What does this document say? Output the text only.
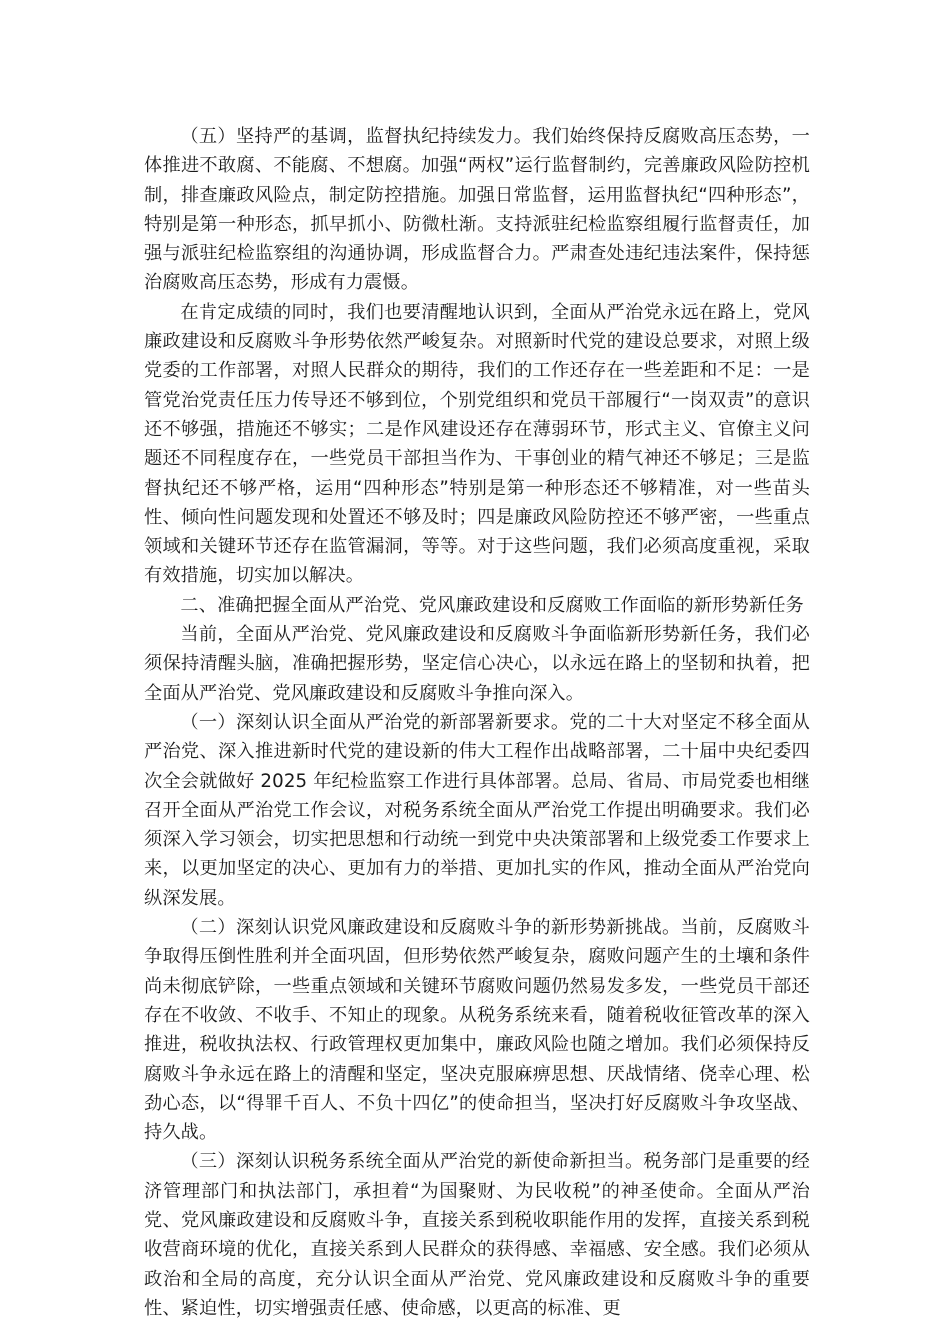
（五）坚持严的基调，监督执纪持续发力。我们始终保持反腐败高压态势，一体推进不敢腐、不能腐、不想腐。加强“两权”运行监督制约，完善廉政风险防控机制，排查廉政风险点，制定防控措施。加强日常监督，运用监督执纪“四种形态”，特别是第一种形态，抓早抓小、防微杜渐。支持派驻纪检监察组履行监督责任，加强与派驻纪检监察组的沟通协调，形成监督合力。严肃查处违纪违法案件，保持惩治腐败高压态势，形成有力震慑。

在肯定成绩的同时，我们也要清醒地认识到，全面从严治党永远在路上，党风廉政建设和反腐败斗争形势依然严峻复杂。对照新时代党的建设总要求，对照上级党委的工作部署，对照人民群众的期待，我们的工作还存在一些差距和不足：一是管党治党责任压力传导还不够到位，个别党组织和党员干部履行“一岗双责”的意识还不够强，措施还不够实；二是作风建设还存在薄弱环节，形式主义、官僚主义问题还不同程度存在，一些党员干部担当作为、干事创业的精气神还不够足；三是监督执纪还不够严格，运用“四种形态”特别是第一种形态还不够精准，对一些苗头性、倾向性问题发现和处置还不够及时；四是廉政风险防控还不够严密，一些重点领域和关键环节还存在监管漏洞，等等。对于这些问题，我们必须高度重视，采取有效措施，切实加以解决。

二、准确把握全面从严治党、党风廉政建设和反腐败工作面临的新形势新任务

当前，全面从严治党、党风廉政建设和反腐败斗争面临新形势新任务，我们必须保持清醒头脑，准确把握形势，坚定信心决心，以永远在路上的坚韧和执着，把全面从严治党、党风廉政建设和反腐败斗争推向深入。

（一）深刻认识全面从严治党的新部署新要求。党的二十大对坚定不移全面从严治党、深入推进新时代党的建设新的伟大工程作出战略部署，二十届中央纪委四次全会就做好 2025 年纪检监察工作进行具体部署。总局、省局、市局党委也相继召开全面从严治党工作会议，对税务系统全面从严治党工作提出明确要求。我们必须深入学习领会，切实把思想和行动统一到党中央决策部署和上级党委工作要求上来，以更加坚定的决心、更加有力的举措、更加扎实的作风，推动全面从严治党向纵深发展。

（二）深刻认识党风廉政建设和反腐败斗争的新形势新挑战。当前，反腐败斗争取得压倒性胜利并全面巩固，但形势依然严峻复杂，腐败问题产生的土壤和条件尚未彻底铲除，一些重点领域和关键环节腐败问题仍然易发多发，一些党员干部还存在不收敛、不收手、不知止的现象。从税务系统来看，随着税收征管改革的深入推进，税收执法权、行政管理权更加集中，廉政风险也随之增加。我们必须保持反腐败斗争永远在路上的清醒和坚定，坚决克服麻痹思想、厌战情绪、侥幸心理、松劲心态，以“得罪千百人、不负十四亿”的使命担当，坚决打好反腐败斗争攻坚战、持久战。

（三）深刻认识税务系统全面从严治党的新使命新担当。税务部门是重要的经济管理部门和执法部门，承担着“为国聚财、为民收税”的神圣使命。全面从严治党、党风廉政建设和反腐败斗争，直接关系到税收职能作用的发挥，直接关系到税收营商环境的优化，直接关系到人民群众的获得感、幸福感、安全感。我们必须从政治和全局的高度，充分认识全面从严治党、党风廉政建设和反腐败斗争的重要性、紧迫性，切实增强责任感、使命感，以更高的标准、更
